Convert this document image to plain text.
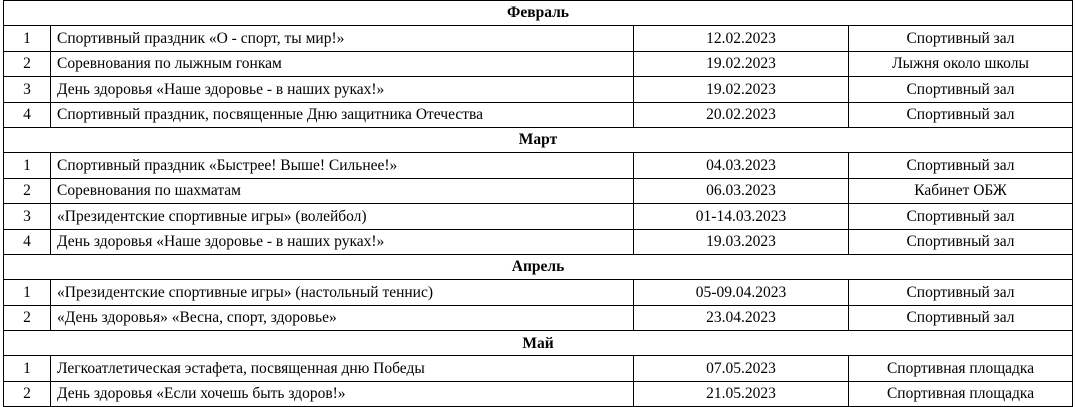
Февраль			
1	Спортивный праздник «О - спорт, ты мир!»	12.02.2023	Спортивный зал
2	Соревнования по лыжным гонкам	19.02.2023	Лыжня около школы
3	День здоровья «Наше здоровье - в наших руках!»	19.02.2023	Спортивный зал
4	Спортивный праздник, посвященные Дню защитника Отечества	20.02.2023	Спортивный зал
Март			
1	Спортивный праздник «Быстрее! Выше! Сильнее!»	04.03.2023	Спортивный зал
2	Соревнования по шахматам	06.03.2023	Кабинет ОБЖ
3	«Президентские спортивные игры» (волейбол)	01-14.03.2023	Спортивный зал
4	День здоровья «Наше здоровье - в наших руках!»	19.03.2023	Спортивный зал
Апрель			
1	«Президентские спортивные игры» (настольный теннис)	05-09.04.2023	Спортивный зал
2	«День здоровья» «Весна, спорт, здоровье»	23.04.2023	Спортивный зал
Май			
1	Легкоатлетическая эстафета, посвященная дню Победы	07.05.2023	Спортивная площадка
2	День здоровья «Если хочешь быть здоров!»	21.05.2023	Спортивная площадка
